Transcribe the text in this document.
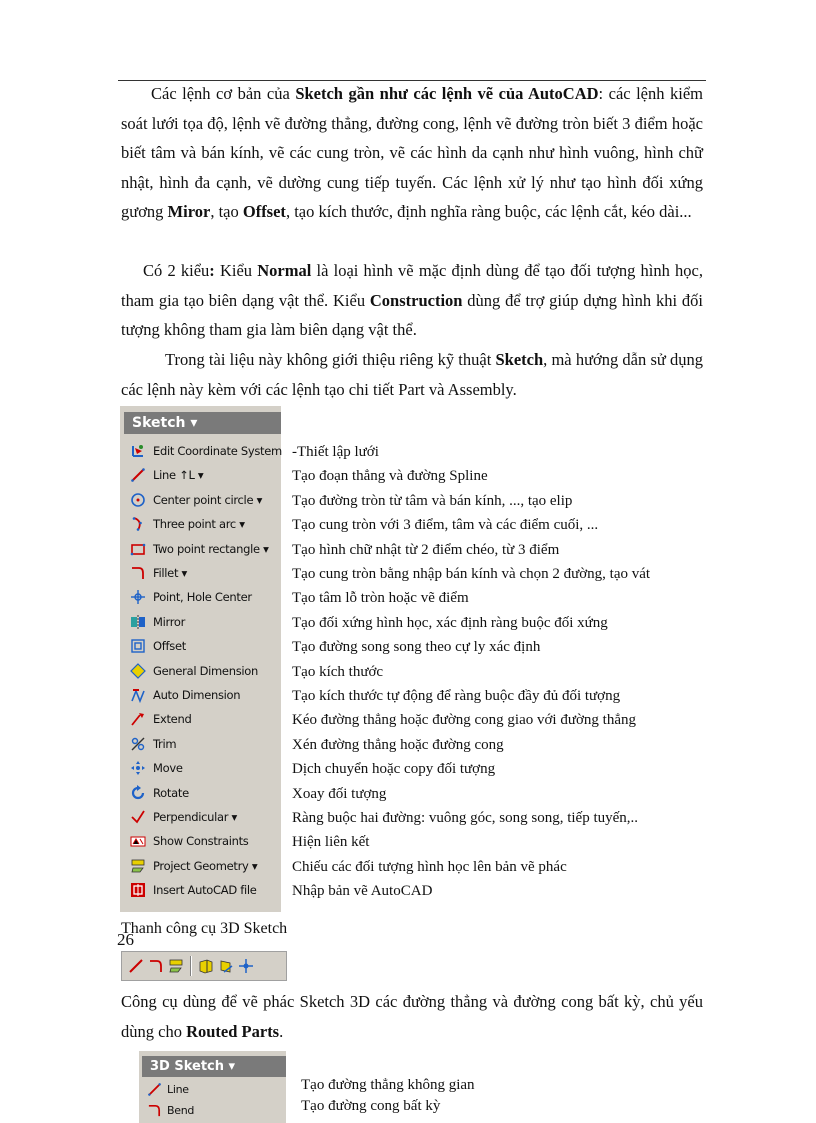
Các lệnh cơ bản của Sketch gần như các lệnh vẽ của AutoCAD: các lệnh kiểm soát lưới tọa độ, lệnh vẽ đường thẳng, đường cong, lệnh vẽ đường tròn biết 3 điểm hoặc biết tâm và bán kính, vẽ các cung tròn, vẽ các hình da cạnh như hình vuông, hình chữ nhật, hình đa cạnh, vẽ dường cung tiếp tuyến. Các lệnh xử lý như tạo hình đối xứng gương Miror, tạo Offset, tạo kích thước, định nghĩa ràng buộc, các lệnh cắt, kéo dài...

Có 2 kiểu: Kiểu Normal là loại hình vẽ mặc định dùng để tạo đối tượng hình học, tham gia tạo biên dạng vật thể. Kiểu Construction dùng để trợ giúp dựng hình khi đối tượng không tham gia làm biên dạng vật thể.

Trong tài liệu này không giới thiệu riêng kỹ thuật Sketch, mà hướng dẫn sử dụng các lệnh này kèm với các lệnh tạo chi tiết Part và Assembly.

Sketch ▾
Edit Coordinate System
Line ↑L ▾
Center point circle ▾
Three point arc ▾
Two point rectangle ▾
Fillet ▾
Point, Hole Center
Mirror
Offset
General Dimension
Auto Dimension
Extend
Trim
Move
Rotate
Perpendicular ▾
Show Constraints
Project Geometry ▾
Insert AutoCAD file
-Thiết lập lưới
Tạo đoạn thẳng và đường Spline
Tạo đường tròn từ tâm và bán kính, ..., tạo elip
Tạo cung tròn với 3 điểm, tâm và các điểm cuối, ...
Tạo hình chữ nhật từ 2 điểm chéo, từ 3 điểm
Tạo cung tròn bằng nhập bán kính và chọn 2 đường, tạo vát
Tạo tâm lỗ tròn hoặc vẽ điểm
Tạo đối xứng hình học, xác định ràng buộc đối xứng
Tạo đường song song theo cự ly xác định
Tạo kích thước
Tạo kích thước tự động để ràng buộc đầy đủ đối tượng
Kéo đường thẳng hoặc đường cong giao với đường thẳng
Xén đường thẳng hoặc đường cong
Dịch chuyển hoặc copy đối tượng
Xoay đối tượng
Ràng buộc hai đường: vuông góc, song song, tiếp tuyến,..
Hiện liên kết
Chiếu các đối tượng hình học lên bản vẽ phác
Nhập bản vẽ AutoCAD
Thanh công cụ 3D Sketch
26

Công cụ dùng để vẽ phác Sketch 3D các đường thẳng và đường cong bất kỳ, chủ yếu dùng cho Routed Parts.

3D Sketch ▾
Line
Bend
Tạo đường thẳng không gian
Tạo đường cong bất kỳ
